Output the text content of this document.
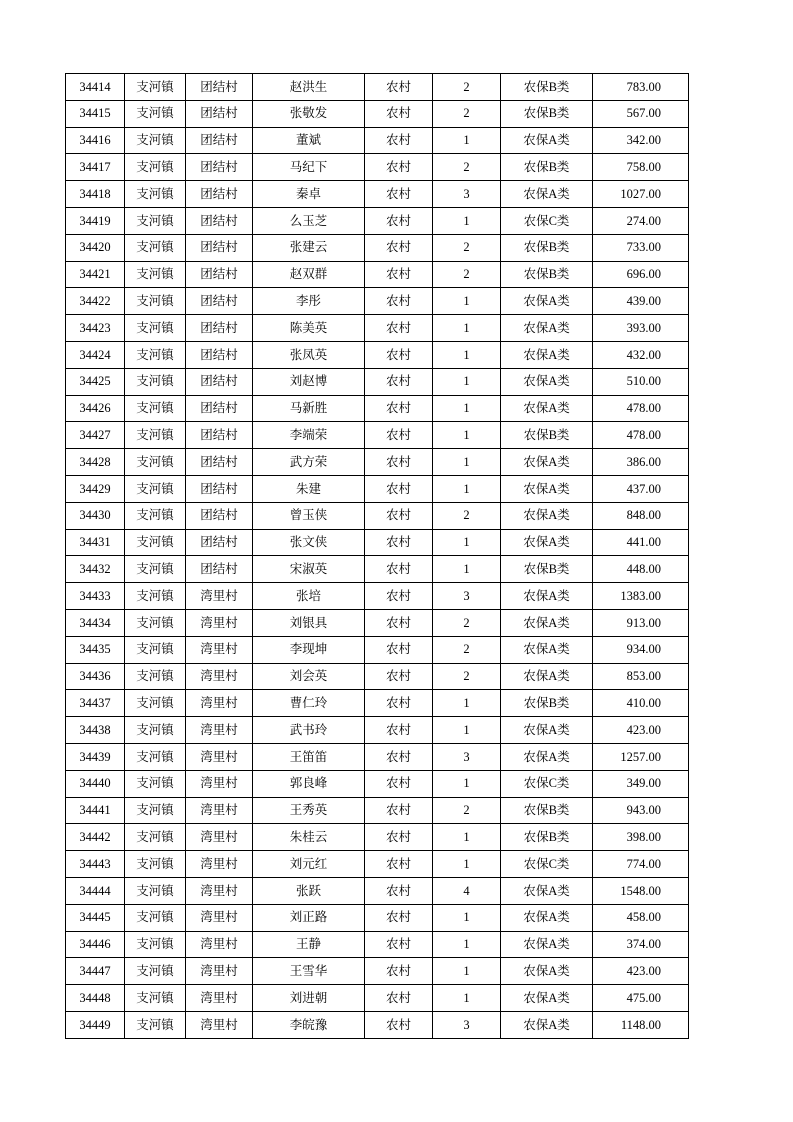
34414	支河镇	团结村	赵洪生	农村	2	农保B类	783.00
34415	支河镇	团结村	张敬发	农村	2	农保B类	567.00
34416	支河镇	团结村	董斌	农村	1	农保A类	342.00
34417	支河镇	团结村	马纪下	农村	2	农保B类	758.00
34418	支河镇	团结村	秦卓	农村	3	农保A类	1027.00
34419	支河镇	团结村	么玉芝	农村	1	农保C类	274.00
34420	支河镇	团结村	张建云	农村	2	农保B类	733.00
34421	支河镇	团结村	赵双群	农村	2	农保B类	696.00
34422	支河镇	团结村	李彤	农村	1	农保A类	439.00
34423	支河镇	团结村	陈美英	农村	1	农保A类	393.00
34424	支河镇	团结村	张凤英	农村	1	农保A类	432.00
34425	支河镇	团结村	刘赵博	农村	1	农保A类	510.00
34426	支河镇	团结村	马新胜	农村	1	农保A类	478.00
34427	支河镇	团结村	李端荣	农村	1	农保B类	478.00
34428	支河镇	团结村	武方荣	农村	1	农保A类	386.00
34429	支河镇	团结村	朱建	农村	1	农保A类	437.00
34430	支河镇	团结村	曾玉侠	农村	2	农保A类	848.00
34431	支河镇	团结村	张文侠	农村	1	农保A类	441.00
34432	支河镇	团结村	宋淑英	农村	1	农保B类	448.00
34433	支河镇	湾里村	张培	农村	3	农保A类	1383.00
34434	支河镇	湾里村	刘银具	农村	2	农保A类	913.00
34435	支河镇	湾里村	李现坤	农村	2	农保A类	934.00
34436	支河镇	湾里村	刘会英	农村	2	农保A类	853.00
34437	支河镇	湾里村	曹仁玲	农村	1	农保B类	410.00
34438	支河镇	湾里村	武书玲	农村	1	农保A类	423.00
34439	支河镇	湾里村	王笛笛	农村	3	农保A类	1257.00
34440	支河镇	湾里村	郭良峰	农村	1	农保C类	349.00
34441	支河镇	湾里村	王秀英	农村	2	农保B类	943.00
34442	支河镇	湾里村	朱桂云	农村	1	农保B类	398.00
34443	支河镇	湾里村	刘元红	农村	1	农保C类	774.00
34444	支河镇	湾里村	张跃	农村	4	农保A类	1548.00
34445	支河镇	湾里村	刘正路	农村	1	农保A类	458.00
34446	支河镇	湾里村	王静	农村	1	农保A类	374.00
34447	支河镇	湾里村	王雪华	农村	1	农保A类	423.00
34448	支河镇	湾里村	刘进朝	农村	1	农保A类	475.00
34449	支河镇	湾里村	李皖豫	农村	3	农保A类	1148.00
